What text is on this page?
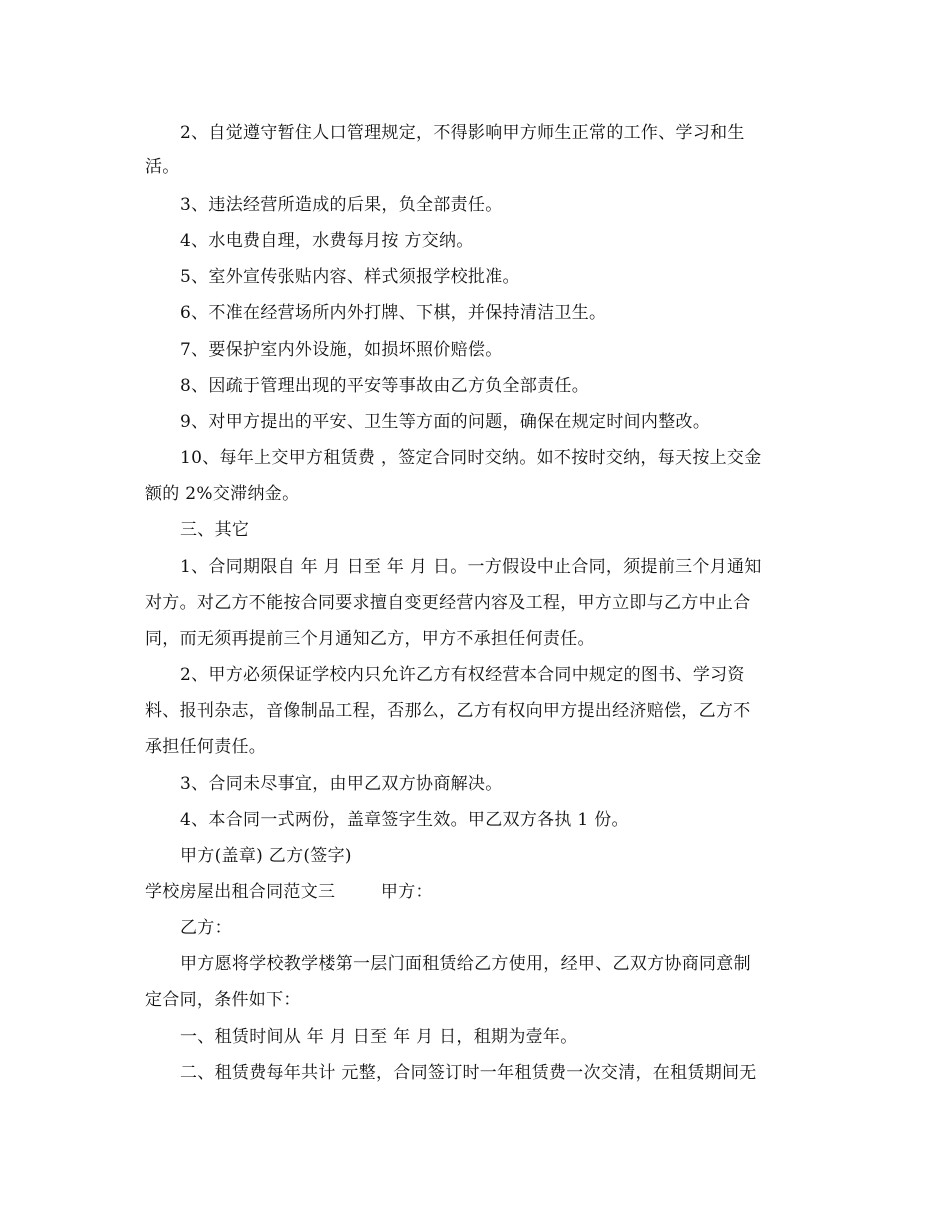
2、自觉遵守暂住人口管理规定，不得影响甲方师生正常的工作、学习和生
活。
3、违法经营所造成的后果，负全部责任。
4、水电费自理，水费每月按 方交纳。
5、室外宣传张贴内容、样式须报学校批准。
6、不准在经营场所内外打牌、下棋，并保持清洁卫生。
7、要保护室内外设施，如损坏照价赔偿。
8、因疏于管理出现的平安等事故由乙方负全部责任。
9、对甲方提出的平安、卫生等方面的问题，确保在规定时间内整改。
10、每年上交甲方租赁费 ，签定合同时交纳。如不按时交纳，每天按上交金
额的 2%交滞纳金。
三、其它
1、合同期限自 年 月 日至 年 月 日。一方假设中止合同，须提前三个月通知
对方。对乙方不能按合同要求擅自变更经营内容及工程，甲方立即与乙方中止合
同，而无须再提前三个月通知乙方，甲方不承担任何责任。
2、甲方必须保证学校内只允许乙方有权经营本合同中规定的图书、学习资
料、报刊杂志，音像制品工程，否那么，乙方有权向甲方提出经济赔偿，乙方不
承担任何责任。
3、合同未尽事宜，由甲乙双方协商解决。
4、本合同一式两份，盖章签字生效。甲乙双方各执 1 份。
甲方(盖章) 乙方(签字)
学校房屋出租合同范文三        甲方：
乙方：
甲方愿将学校教学楼第一层门面租赁给乙方使用，经甲、乙双方协商同意制
定合同，条件如下：
一、租赁时间从 年 月 日至 年 月 日，租期为壹年。
二、租赁费每年共计 元整，合同签订时一年租赁费一次交清，在租赁期间无
